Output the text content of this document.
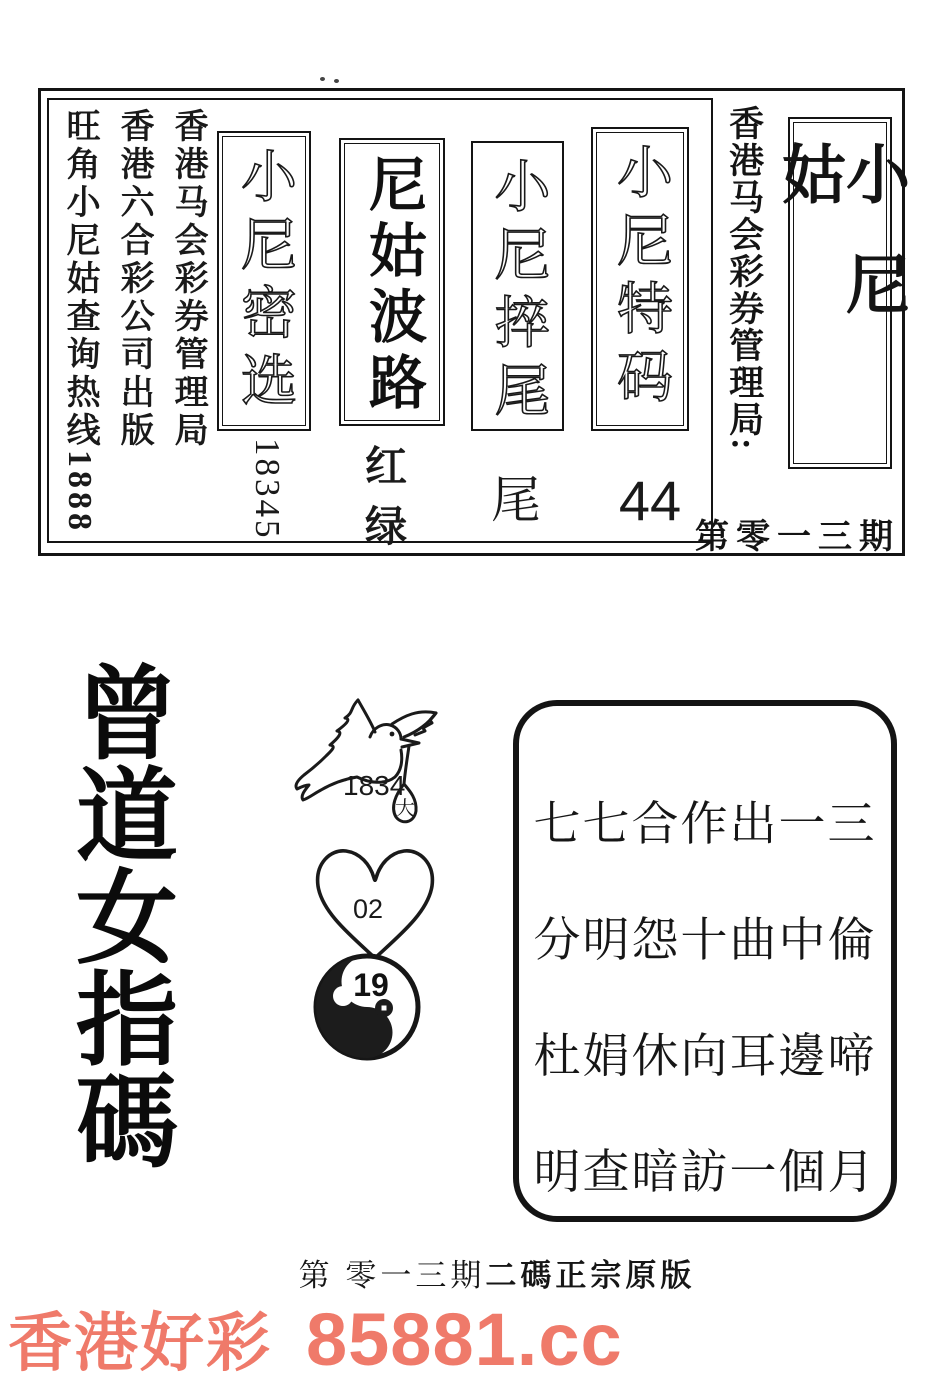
旺角小尼姑查询热线1888 香港六合彩公司出版 香港马会彩券管理局 小尼密选
18345
尼姑波路
红绿
小尼捽尾
尾
小尼特码
44
香港马会彩券管理局:	小尼姑
第零一三期
曾道女指碼	1834
大
02
19
七七合作出一三
分明怨十曲中倫
杜娟休向耳邊啼
明查暗訪一個月
第 零一三期二碼正宗原版
香港好彩 85881.cc
